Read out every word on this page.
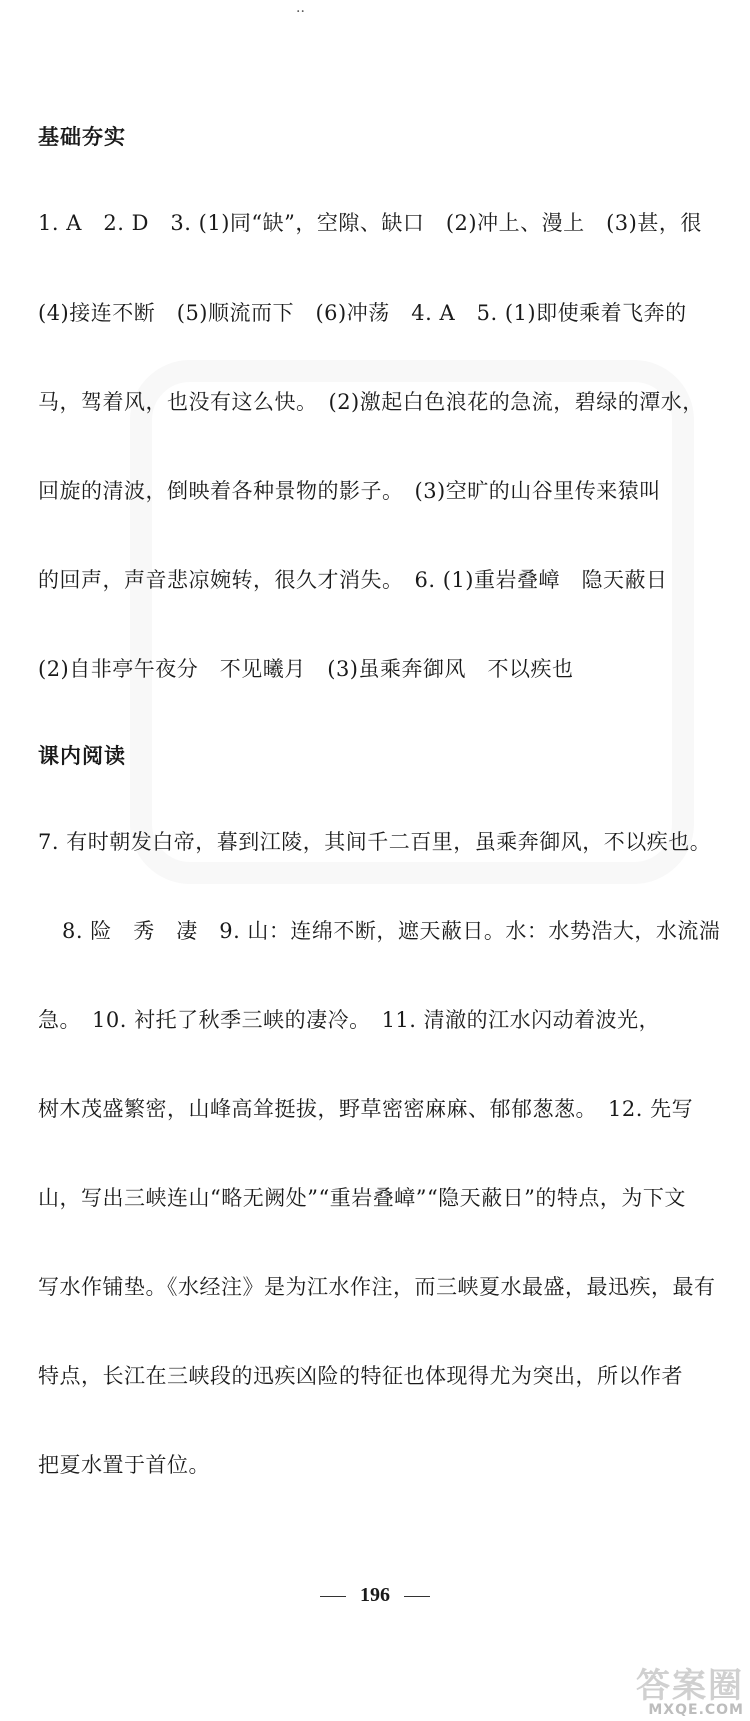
··
基础夯实
1. A　2. D　3. (1)同“缺”，空隙、缺口　(2)冲上、漫上　(3)甚，很
(4)接连不断　(5)顺流而下　(6)冲荡　4. A　5. (1)即使乘着飞奔的
马，驾着风，也没有这么快。　(2)激起白色浪花的急流，碧绿的潭水，
回旋的清波，倒映着各种景物的影子。　(3)空旷的山谷里传来猿叫
的回声，声音悲凉婉转，很久才消失。　6. (1)重岩叠嶂　隐天蔽日
(2)自非亭午夜分　不见曦月　(3)虽乘奔御风　不以疾也
课内阅读
7. 有时朝发白帝，暮到江陵，其间千二百里，虽乘奔御风，不以疾也。
8. 险　秀　凄　9. 山：连绵不断，遮天蔽日。水：水势浩大，水流湍
急。　10. 衬托了秋季三峡的凄冷。　11. 清澈的江水闪动着波光，
树木茂盛繁密，山峰高耸挺拔，野草密密麻麻、郁郁葱葱。　12. 先写
山，写出三峡连山“略无阙处”“重岩叠嶂”“隐天蔽日”的特点，为下文
写水作铺垫。《水经注》是为江水作注，而三峡夏水最盛，最迅疾，最有
特点，长江在三峡段的迅疾凶险的特征也体现得尤为突出，所以作者
把夏水置于首位。
196
答案圈
MXQE.COM
